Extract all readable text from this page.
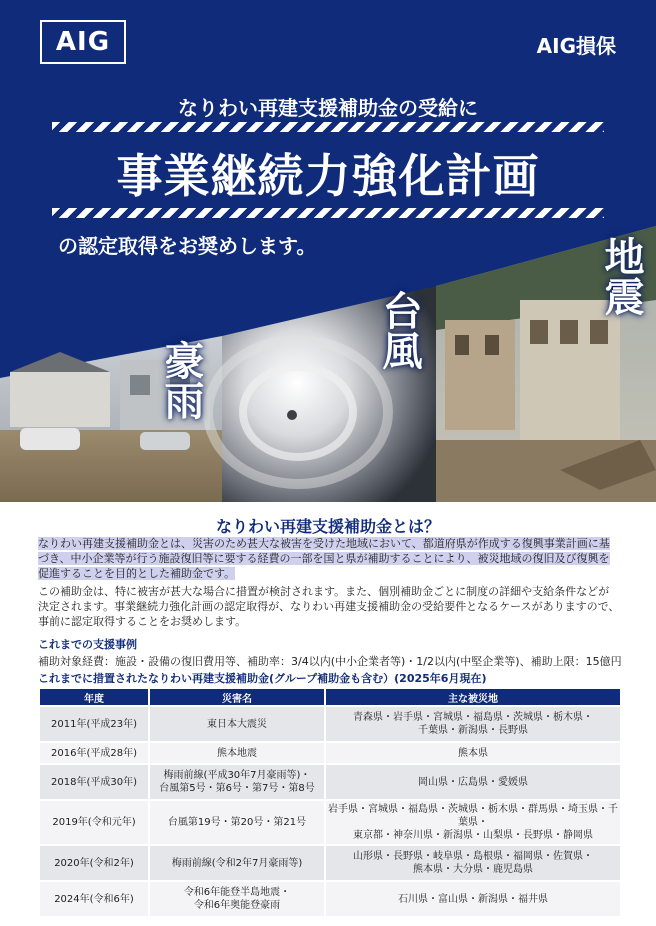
AIG	AIG損保
なりわい再建支援補助金の受給に
事業継続力強化計画
の認定取得をお奨めします。
豪雨
台風
地震
なりわい再建支援補助金とは？
なりわい再建支援補助金とは、災害のため甚大な被害を受けた地域において、都道府県が作成する復興事業計画に基づき、中小企業等が行う施設復旧等に要する経費の一部を国と県が補助することにより、被災地域の復旧及び復興を促進することを目的とした補助金です。
この補助金は、特に被害が甚大な場合に措置が検討されます。また、個別補助金ごとに制度の詳細や支給条件などが決定されます。事業継続力強化計画の認定取得が、なりわい再建支援補助金の受給要件となるケースがありますので、事前に認定取得することをお奨めします。
これまでの支援事例
補助対象経費：施設・設備の復旧費用等、補助率：3/4以内(中小企業者等)・1/2以内(中堅企業等)、補助上限：15億円
これまでに措置されたなりわい再建支援補助金(グループ補助金も含む）(2025年6月現在)
年度	災害名	主な被災地
2011年(平成23年)	東日本大震災	青森県・岩手県・宮城県・福島県・茨城県・栃木県・
千葉県・新潟県・長野県
2016年(平成28年)	熊本地震	熊本県
2018年(平成30年)	梅雨前線(平成30年7月豪雨等)・
台風第5号・第6号・第7号・第8号	岡山県・広島県・愛媛県
2019年(令和元年)	台風第19号・第20号・第21号	岩手県・宮城県・福島県・茨城県・栃木県・群馬県・埼玉県・千葉県・
東京都・神奈川県・新潟県・山梨県・長野県・静岡県
2020年(令和2年)	梅雨前線(令和2年7月豪雨等)	山形県・長野県・岐阜県・島根県・福岡県・佐賀県・
熊本県・大分県・鹿児島県
2024年(令和6年)	令和6年能登半島地震・
令和6年奥能登豪雨	石川県・富山県・新潟県・福井県
